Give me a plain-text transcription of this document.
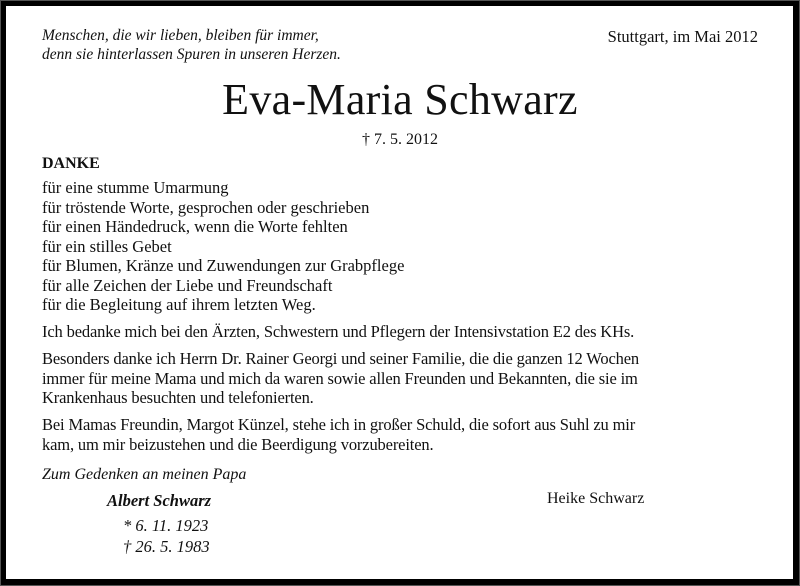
Menschen, die wir lieben, bleiben für immer,
denn sie hinterlassen Spuren in unseren Herzen.
Stuttgart, im Mai 2012
Eva-Maria Schwarz
† 7. 5. 2012
DANKE
für eine stumme Umarmung
für tröstende Worte, gesprochen oder geschrieben
für einen Händedruck, wenn die Worte fehlten
für ein stilles Gebet
für Blumen, Kränze und Zuwendungen zur Grabpflege
für alle Zeichen der Liebe und Freundschaft
für die Begleitung auf ihrem letzten Weg.
Ich bedanke mich bei den Ärzten, Schwestern und Pflegern der Intensivstation E2 des KHs.
Besonders danke ich Herrn Dr. Rainer Georgi und seiner Familie, die die ganzen 12 Wochen
immer für meine Mama und mich da waren sowie allen Freunden und Bekannten, die sie im
Krankenhaus besuchten und telefonierten.
Bei Mamas Freundin, Margot Künzel, stehe ich in großer Schuld, die sofort aus Suhl zu mir
kam, um mir beizustehen und die Beerdigung vorzubereiten.
Zum Gedenken an meinen Papa
Albert Schwarz
* 6. 11. 1923
† 26. 5. 1983
Heike Schwarz
